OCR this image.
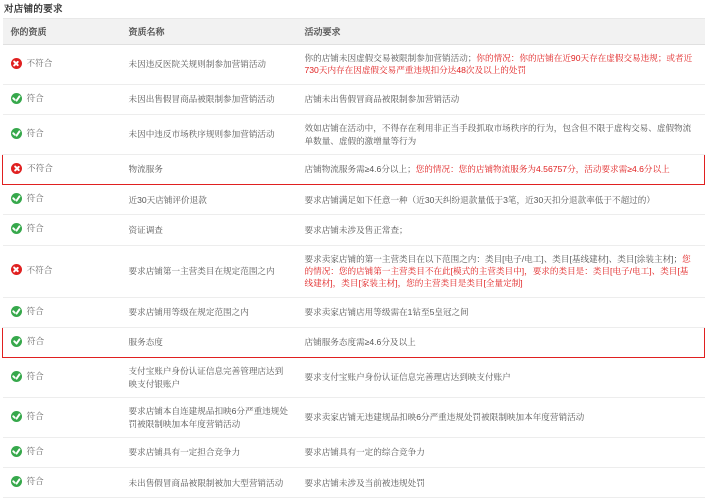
对店铺的要求
你的资质	资质名称	活动要求

不符合	未因违反医院关规则制参加营销活动	你的店铺未因虚假交易被限制参加营销活动；你的情况：你的店铺在近90天存在虚假交易违规；或者近730天内存在因虚假交易严重违规扣分达48次及以上的处罚

符合	未因出售假冒商品被限制参加营销活动	店铺未出售假冒商品被限制参加营销活动

符合	未因中违反市场秩序规则参加营销活动	效如店铺在活动中，不得存在利用非正当手段抓取市场秩序的行为，包含但不限于虚构交易、虚假物流单数量、虚假的激增量等行为

不符合	物流服务	店铺物流服务需≥4.6分以上；您的情况：您的店铺物流服务为4.56757分，活动要求需≥4.6分以上

符合	近30天店铺评价退款	要求店铺满足如下任意一种（近30天纠纷退款量低于3笔，近30天扣分退款率低于不超过的）

符合	资证调查	要求店铺未涉及售正常查；

不符合	要求店铺第一主营类目在规定范围之内	要求卖家店铺的第一主营类目在以下范围之内：类目[电子/电工]、类目[基线建材]、类目[涂装主材]；您的情况：您的店铺第一主营类目不在此[模式的主营类目中]，要求的类目是：类目[电子/电工]、类目[基线建材]，类目[家装主材]，您的主营类目是类目[全量定制]

符合	要求店铺用等级在规定范围之内	要求卖家店铺店用等级需在1钻至5皇冠之间

符合	服务态度	店铺服务态度需≥4.6分及以上

符合	支付宝账户身份认证信息完善管理店达到映支付银账户	要求支付宝账户身份认证信息完善理店达到映支付账户

符合	要求店铺本自连建规品扣映6分严重违规处罚被限制映加本年度营销活动	要求卖家店铺无违建规品扣映6分严重违规处罚被限制映加本年度营销活动

符合	要求店铺具有一定担合竞争力	要求店铺具有一定的综合竞争力

符合	未出售假冒商品被限制被加大型营销活动	要求店铺未涉及当前被违规处罚
